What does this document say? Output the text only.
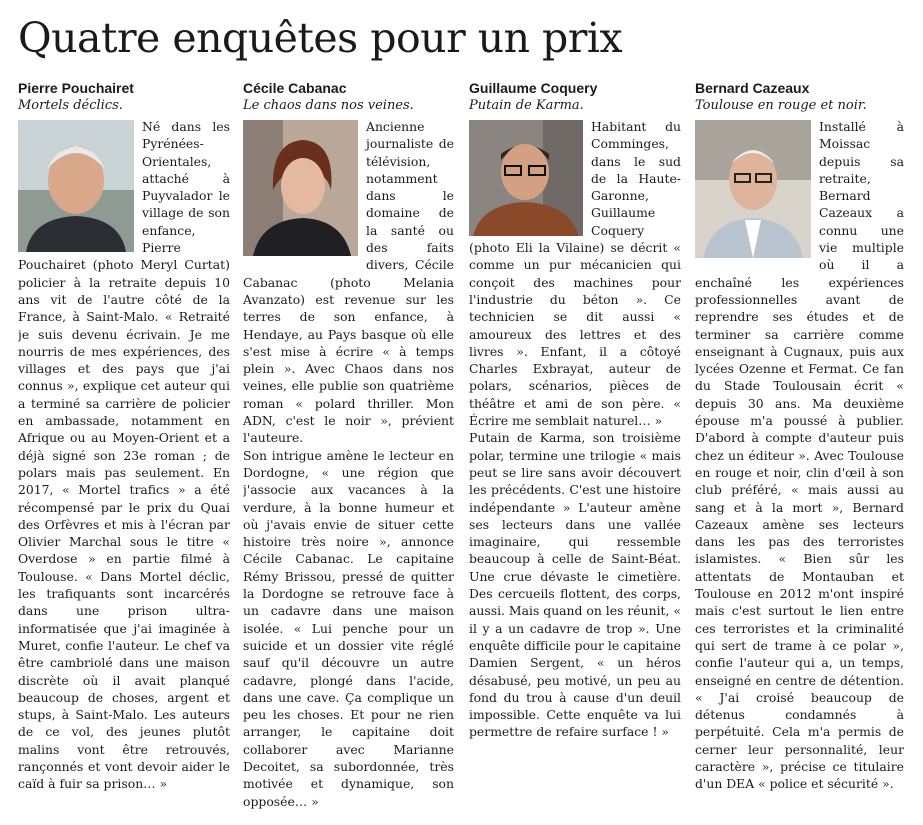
Quatre enquêtes pour un prix

Pierre Pouchairet

Mortels déclics.

Né dans les Pyrénées-Orientales, attaché à Puyvalador le village de son enfance, Pierre Pouchairet (photo Meryl Curtat) policier à la retraite depuis 10 ans vit de l'autre côté de la France, à Saint-Malo. « Retraité je suis devenu écrivain. Je me nourris de mes expériences, des villages et des pays que j'ai connus », explique cet auteur qui a terminé sa carrière de policier en ambassade, notamment en Afrique ou au Moyen-Orient et a déjà signé son 23e roman ; de polars mais pas seulement. En 2017, « Mortel trafics » a été récompensé par le prix du Quai des Orfèvres et mis à l'écran par Olivier Marchal sous le titre « Overdose » en partie filmé à Toulouse. « Dans Mortel déclic, les trafiquants sont incarcérés dans une prison ultra-informatisée que j'ai imaginée à Muret, confie l'auteur. Le chef va être cambriolé dans une maison discrète où il avait planqué beaucoup de choses, argent et stups, à Saint-Malo. Les auteurs de ce vol, des jeunes plutôt malins vont être retrouvés, rançonnés et vont devoir aider le caïd à fuir sa prison… »

Cécile Cabanac

Le chaos dans nos veines.

Ancienne journaliste de télévision, notamment dans le domaine de la santé ou des faits divers, Cécile Cabanac (photo Melania Avanzato) est revenue sur les terres de son enfance, à Hendaye, au Pays basque où elle s'est mise à écrire « à temps plein ». Avec Chaos dans nos veines, elle publie son quatrième roman « polard thriller. Mon ADN, c'est le noir », prévient l'auteure.
Son intrigue amène le lecteur en Dordogne, « une région que j'associe aux vacances à la verdure, à la bonne humeur et où j'avais envie de situer cette histoire très noire », annonce Cécile Cabanac. Le capitaine Rémy Brissou, pressé de quitter la Dordogne se retrouve face à un cadavre dans une maison isolée. « Lui penche pour un suicide et un dossier vite réglé sauf qu'il découvre un autre cadavre, plongé dans l'acide, dans une cave. Ça complique un peu les choses. Et pour ne rien arranger, le capitaine doit collaborer avec Marianne Decoitet, sa subordonnée, très motivée et dynamique, son opposée… »

Guillaume Coquery

Putain de Karma.

Habitant du Comminges, dans le sud de la Haute-Garonne, Guillaume Coquery (photo Eli la Vilaine) se décrit « comme un pur mécanicien qui conçoit des machines pour l'industrie du béton ». Ce technicien se dit aussi « amoureux des lettres et des livres ». Enfant, il a côtoyé Charles Exbrayat, auteur de polars, scénarios, pièces de théâtre et ami de son père. « Écrire me semblait naturel… »
Putain de Karma, son troisième polar, termine une trilogie « mais peut se lire sans avoir découvert les précédents. C'est une histoire indépendante » L'auteur amène ses lecteurs dans une vallée imaginaire, qui ressemble beaucoup à celle de Saint-Béat. Une crue dévaste le cimetière. Des cercueils flottent, des corps, aussi. Mais quand on les réunit, « il y a un cadavre de trop ». Une enquête difficile pour le capitaine Damien Sergent, « un héros désabusé, peu motivé, un peu au fond du trou à cause d'un deuil impossible. Cette enquête va lui permettre de refaire surface ! »

Bernard Cazeaux

Toulouse en rouge et noir.

Installé à Moissac depuis sa retraite, Bernard Cazeaux a connu une vie multiple où il a enchaîné les expériences professionnelles avant de reprendre ses études et de terminer sa carrière comme enseignant à Cugnaux, puis aux lycées Ozenne et Fermat. Ce fan du Stade Toulousain écrit « depuis 30 ans. Ma deuxième épouse m'a poussé à publier. D'abord à compte d'auteur puis chez un éditeur ». Avec Toulouse en rouge et noir, clin d'œil à son club préféré, « mais aussi au sang et à la mort », Bernard Cazeaux amène ses lecteurs dans les pas des terroristes islamistes. « Bien sûr les attentats de Montauban et Toulouse en 2012 m'ont inspiré mais c'est surtout le lien entre ces terroristes et la criminalité qui sert de trame à ce polar », confie l'auteur qui a, un temps, enseigné en centre de détention. « J'ai croisé beaucoup de détenus condamnés à perpétuité. Cela m'a permis de cerner leur personnalité, leur caractère », précise ce titulaire d'un DEA « police et sécurité ».
